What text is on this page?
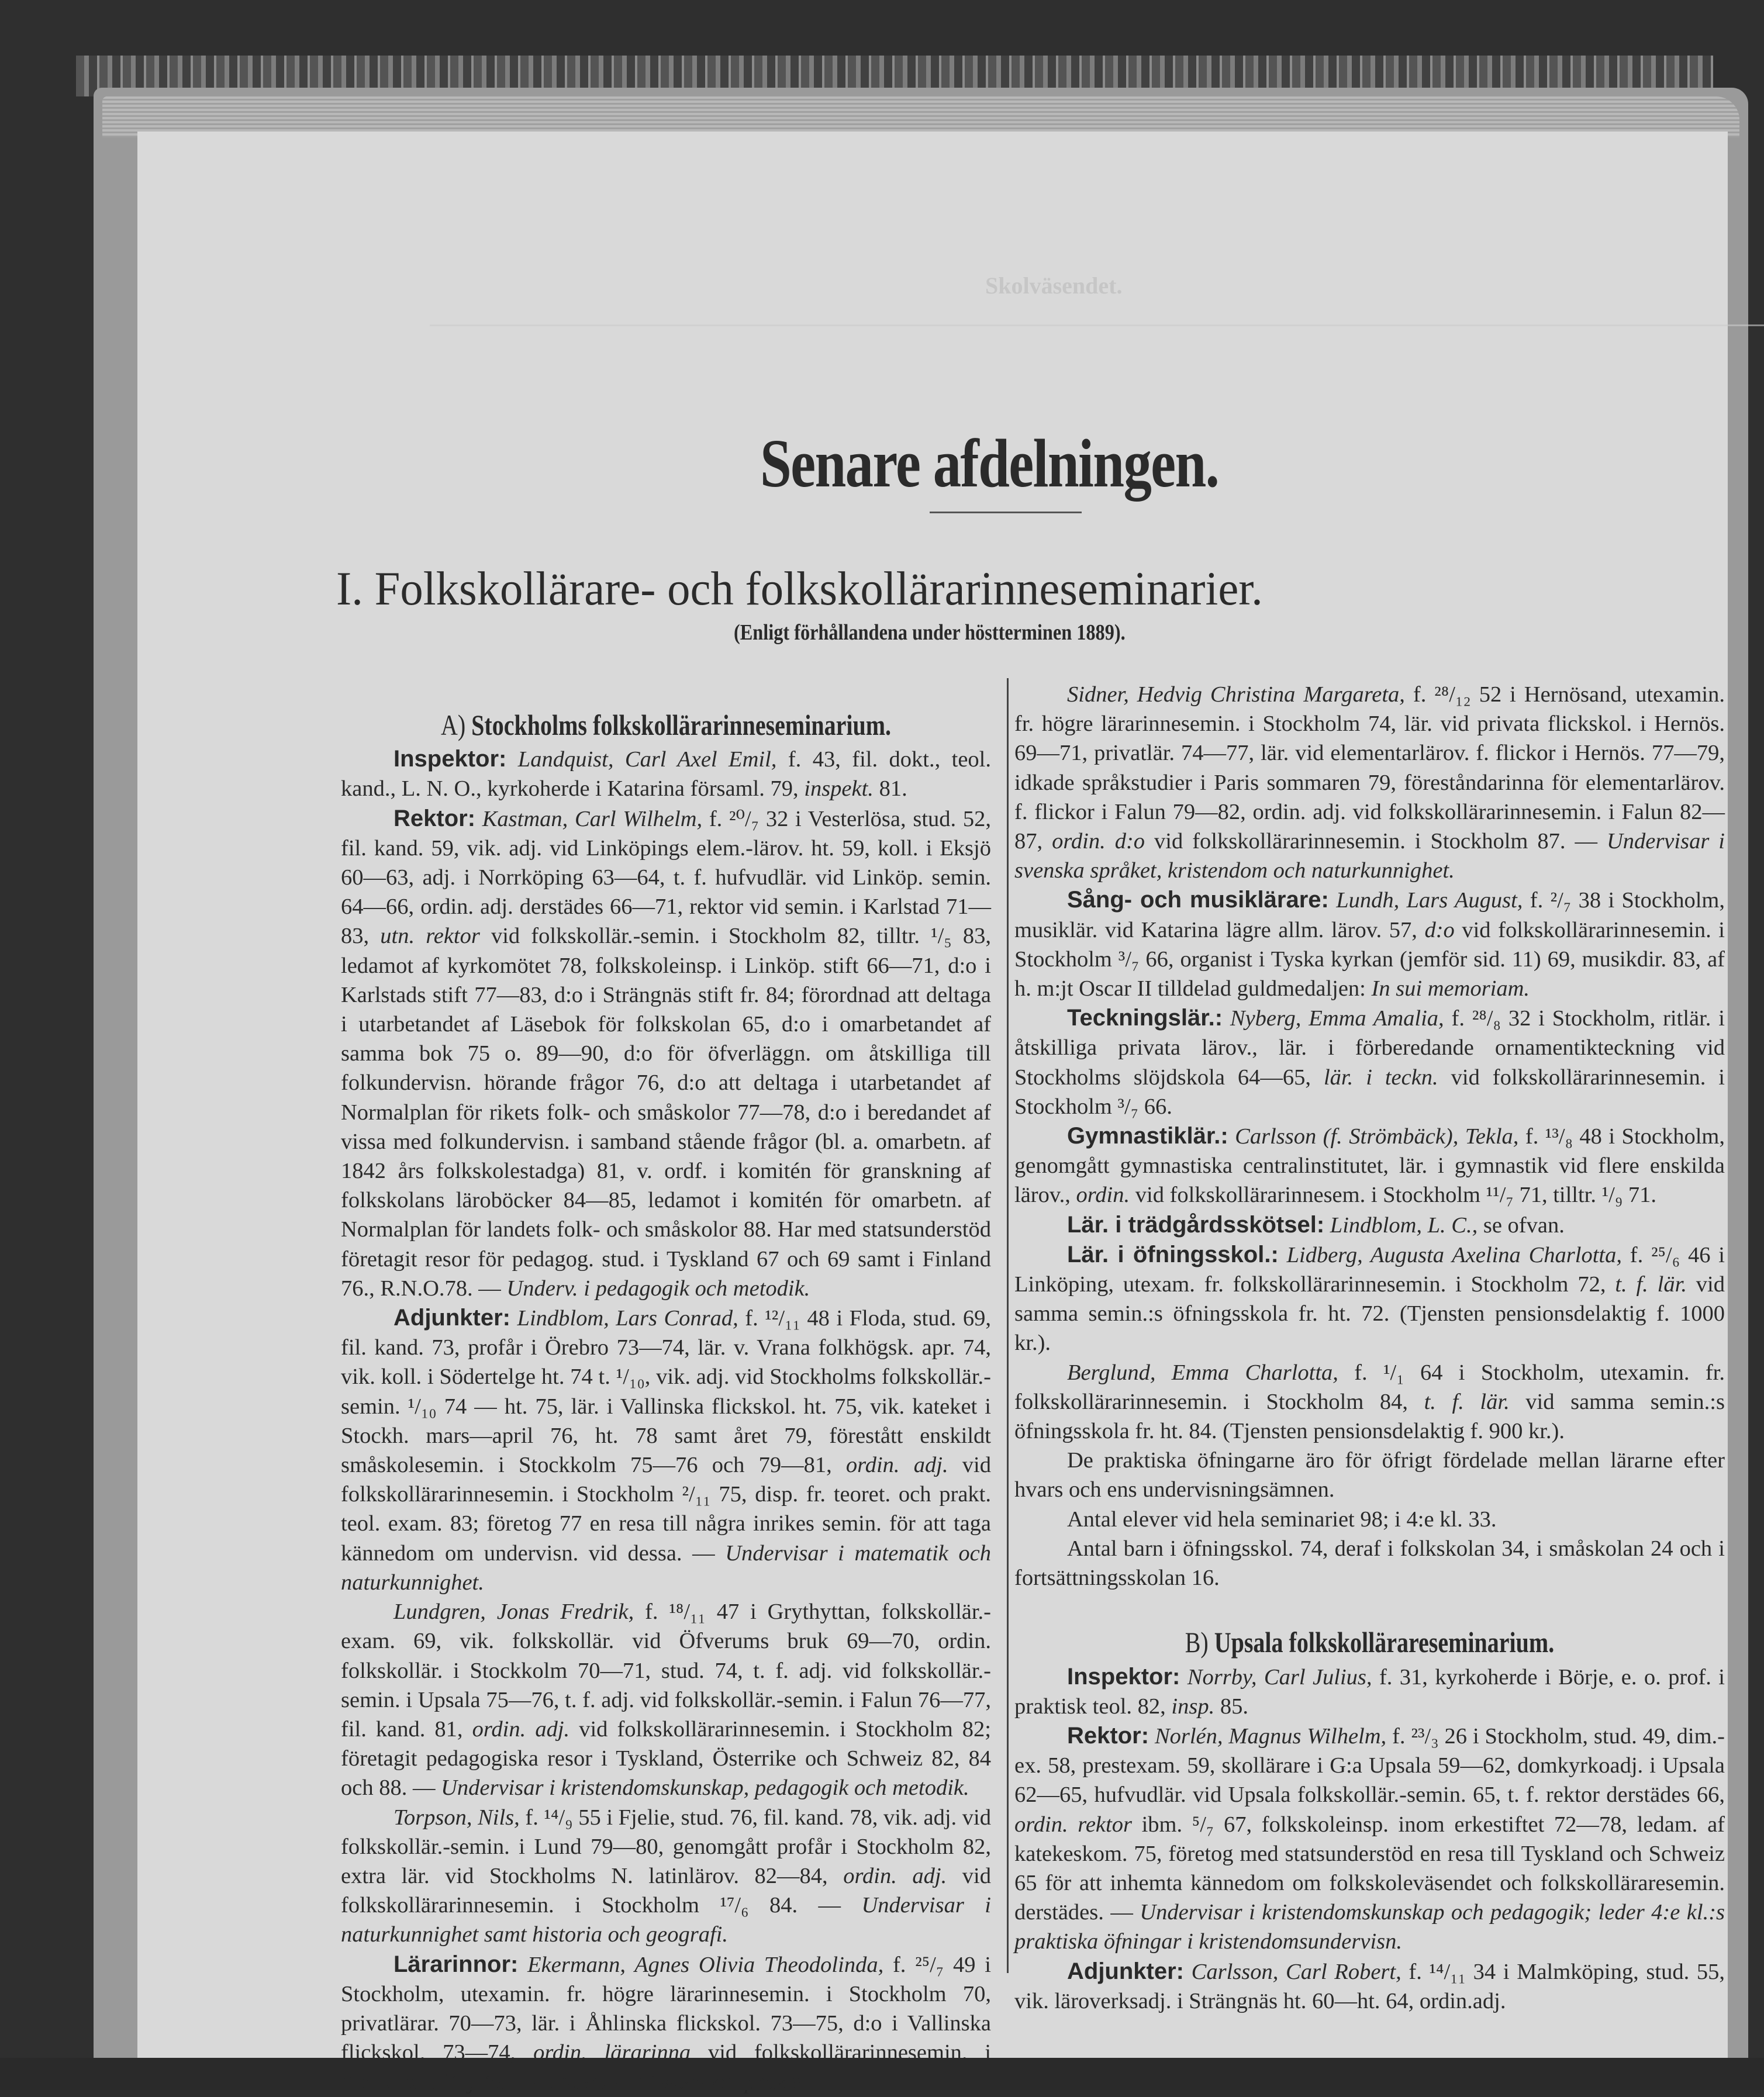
Skolväsendet.
Senare afdelningen.
I. Folkskollärare- och folkskollärarinneseminarier.
(Enligt förhållandena under höstterminen 1889).
A) Stockholms folkskollärarinneseminarium.

Inspektor: Landquist, Carl Axel Emil, f. 43, fil. dokt., teol. kand., L. N. O., kyrkoherde i Katarina församl. 79, inspekt. 81.

Rektor: Kastman, Carl Wilhelm, f. ²⁰/₇ 32 i Vesterlösa, stud. 52, fil. kand. 59, vik. adj. vid Linköpings elem.-lärov. ht. 59, koll. i Eksjö 60—63, adj. i Norrköping 63—64, t. f. hufvudlär. vid Linköp. semin. 64—66, ordin. adj. derstädes 66—71, rektor vid semin. i Karlstad 71—83, utn. rektor vid folkskollär.-semin. i Stockholm 82, tilltr. ¹/₅ 83, ledamot af kyrkomötet 78, folkskoleinsp. i Linköp. stift 66—71, d:o i Karlstads stift 77—83, d:o i Strängnäs stift fr. 84; förordnad att deltaga i utarbetandet af Läsebok för folkskolan 65, d:o i omarbetandet af samma bok 75 o. 89—90, d:o för öfverläggn. om åtskilliga till folkundervisn. hörande frågor 76, d:o att deltaga i utarbetandet af Normalplan för rikets folk- och småskolor 77—78, d:o i beredandet af vissa med folkundervisn. i samband stående frågor (bl. a. omarbetn. af 1842 års folkskolestadga) 81, v. ordf. i komitén för granskning af folkskolans läroböcker 84—85, ledamot i komitén för omarbetn. af Normalplan för landets folk- och småskolor 88. Har med statsunderstöd företagit resor för pedagog. stud. i Tyskland 67 och 69 samt i Finland 76., R.N.O.78. — Underv. i pedagogik och metodik.

Adjunkter: Lindblom, Lars Conrad, f. ¹²/₁₁ 48 i Floda, stud. 69, fil. kand. 73, profår i Örebro 73—74, lär. v. Vrana folkhögsk. apr. 74, vik. koll. i Södertelge ht. 74 t. ¹/₁₀, vik. adj. vid Stockholms folkskollär.-semin. ¹/₁₀ 74 — ht. 75, lär. i Vallinska flickskol. ht. 75, vik. kateket i Stockh. mars—april 76, ht. 78 samt året 79, förestått enskildt småskolesemin. i Stockkolm 75—76 och 79—81, ordin. adj. vid folkskollärarinnesemin. i Stockholm ²/₁₁ 75, disp. fr. teoret. och prakt. teol. exam. 83; företog 77 en resa till några inrikes semin. för att taga kännedom om undervisn. vid dessa. — Undervisar i matematik och naturkunnighet.

Lundgren, Jonas Fredrik, f. ¹⁸/₁₁ 47 i Grythyttan, folkskollär.-exam. 69, vik. folkskollär. vid Öfverums bruk 69—70, ordin. folkskollär. i Stockkolm 70—71, stud. 74, t. f. adj. vid folkskollär.-semin. i Upsala 75—76, t. f. adj. vid folkskollär.-semin. i Falun 76—77, fil. kand. 81, ordin. adj. vid folkskollärarinnesemin. i Stockholm 82; företagit pedagogiska resor i Tyskland, Österrike och Schweiz 82, 84 och 88. — Undervisar i kristendomskunskap, pedagogik och metodik.

Torpson, Nils, f. ¹⁴/₉ 55 i Fjelie, stud. 76, fil. kand. 78, vik. adj. vid folkskollär.-semin. i Lund 79—80, genomgått profår i Stockholm 82, extra lär. vid Stockholms N. latinlärov. 82—84, ordin. adj. vid folkskollärarinnesemin. i Stockholm ¹⁷/₆ 84. — Undervisar i naturkunnighet samt historia och geografi.

Lärarinnor: Ekermann, Agnes Olivia Theodolinda, f. ²⁵/₇ 49 i Stockholm, utexamin. fr. högre lärarinnesemin. i Stockholm 70, privatlärar. 70—73, lär. i Åhlinska flickskol. 73—75, d:o i Vallinska flickskol. 73—74, ordin. lärarinna vid folkskollärarinnesemin. i Stockholm ¹⁴/₉ 75. — Undervisar i svenska språket.

Sidner, Hedvig Christina Margareta, f. ²⁸/₁₂ 52 i Hernösand, utexamin. fr. högre lärarinnesemin. i Stockholm 74, lär. vid privata flickskol. i Hernös. 69—71, privatlär. 74—77, lär. vid elementarlärov. f. flickor i Hernös. 77—79, idkade språkstudier i Paris sommaren 79, föreståndarinna för elementarlärov. f. flickor i Falun 79—82, ordin. adj. vid folkskollärarinnesemin. i Falun 82—87, ordin. d:o vid folkskollärarinnesemin. i Stockholm 87. — Undervisar i svenska språket, kristendom och naturkunnighet.

Sång- och musiklärare: Lundh, Lars August, f. ²/₇ 38 i Stockholm, musiklär. vid Katarina lägre allm. lärov. 57, d:o vid folkskollärarinnesemin. i Stockholm ³/₇ 66, organist i Tyska kyrkan (jemför sid. 11) 69, musikdir. 83, af h. m:jt Oscar II tilldelad guldmedaljen: In sui memoriam.

Teckningslär.: Nyberg, Emma Amalia, f. ²⁸/₈ 32 i Stockholm, ritlär. i åtskilliga privata lärov., lär. i förberedande ornamentikteckning vid Stockholms slöjdskola 64—65, lär. i teckn. vid folkskollärarinnesemin. i Stockholm ³/₇ 66.

Gymnastiklär.: Carlsson (f. Strömbäck), Tekla, f. ¹³/₈ 48 i Stockholm, genomgått gymnastiska centralinstitutet, lär. i gymnastik vid flere enskilda lärov., ordin. vid folkskollärarinnesem. i Stockholm ¹¹/₇ 71, tilltr. ¹/₉ 71.

Lär. i trädgårdsskötsel: Lindblom, L. C., se ofvan.

Lär. i öfningsskol.: Lidberg, Augusta Axelina Charlotta, f. ²⁵/₆ 46 i Linköping, utexam. fr. folkskollärarinnesemin. i Stockholm 72, t. f. lär. vid samma semin.:s öfningsskola fr. ht. 72. (Tjensten pensionsdelaktig f. 1000 kr.).

Berglund, Emma Charlotta, f. ¹/₁ 64 i Stockholm, utexamin. fr. folkskollärarinnesemin. i Stockholm 84, t. f. lär. vid samma semin.:s öfningsskola fr. ht. 84. (Tjensten pensionsdelaktig f. 900 kr.).

De praktiska öfningarne äro för öfrigt fördelade mellan lärarne efter hvars och ens undervisningsämnen.

Antal elever vid hela seminariet 98; i 4:e kl. 33.

Antal barn i öfningsskol. 74, deraf i folkskolan 34, i småskolan 24 och i fortsättningsskolan 16.

B) Upsala folkskollärareseminarium.

Inspektor: Norrby, Carl Julius, f. 31, kyrkoherde i Börje, e. o. prof. i praktisk teol. 82, insp. 85.

Rektor: Norlén, Magnus Wilhelm, f. ²³/₃ 26 i Stockholm, stud. 49, dim.-ex. 58, prestexam. 59, skollärare i G:a Upsala 59—62, domkyrkoadj. i Upsala 62—65, hufvudlär. vid Upsala folkskollär.-semin. 65, t. f. rektor derstädes 66, ordin. rektor ibm. ⁵/₇ 67, folkskoleinsp. inom erkestiftet 72—78, ledam. af katekeskom. 75, företog med statsunderstöd en resa till Tyskland och Schweiz 65 för att inhemta kännedom om folkskoleväsendet och folkskolläraresemin. derstädes. — Undervisar i kristendomskunskap och pedagogik; leder 4:e kl.:s praktiska öfningar i kristendomsundervisn.

Adjunkter: Carlsson, Carl Robert, f. ¹⁴/₁₁ 34 i Malmköping, stud. 55, vik. läroverksadj. i Strängnäs ht. 60—ht. 64, ordin.adj.
